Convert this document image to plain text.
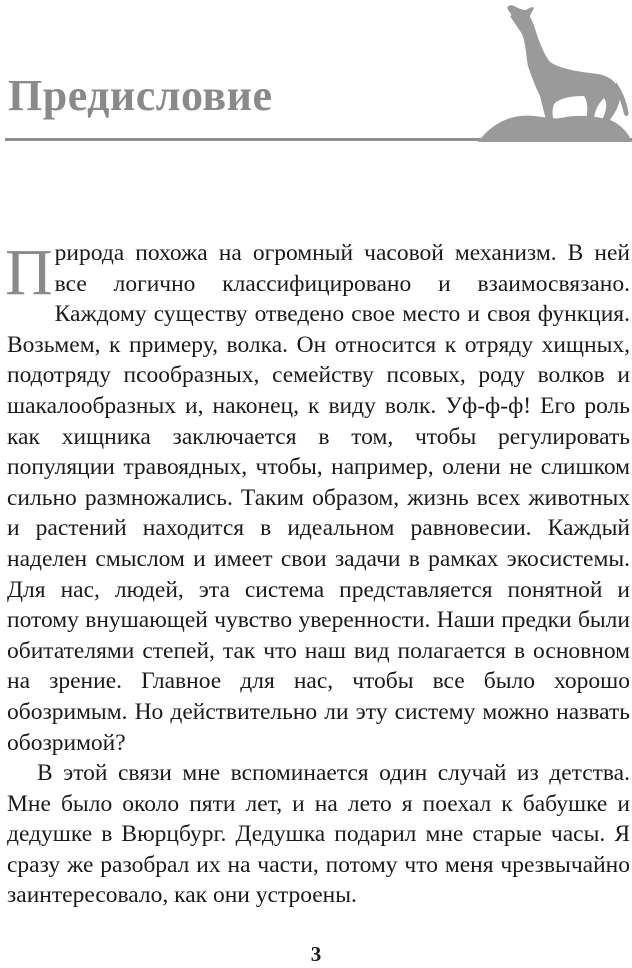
Предисловие

Природа похожа на огромный часовой механизм. В ней все логично классифицировано и взаимосвязано. Каждому существу отведено свое место и своя функция. Возьмем, к примеру, волка. Он относится к отряду хищных, подотряду псообразных, семейству псовых, роду волков и шакалообразных и, наконец, к виду волк. Уф-ф-ф! Его роль как хищника заключается в том, чтобы регулировать популяции травоядных, чтобы, например, олени не слишком сильно размножались. Таким образом, жизнь всех животных и растений находится в идеальном равновесии. Каждый наделен смыслом и имеет свои задачи в рамках экосистемы. Для нас, людей, эта система представляется понятной и потому внушающей чувство уверенности. Наши предки были обитателями степей, так что наш вид полагается в основном на зрение. Главное для нас, чтобы все было хорошо обозримым. Но действительно ли эту систему можно назвать обозримой?

В этой связи мне вспоминается один случай из детства. Мне было около пяти лет, и на лето я поехал к бабушке и дедушке в Вюрцбург. Дедушка подарил мне старые часы. Я сразу же разобрал их на части, потому что меня чрезвычайно заинтересовало, как они устроены.

3
